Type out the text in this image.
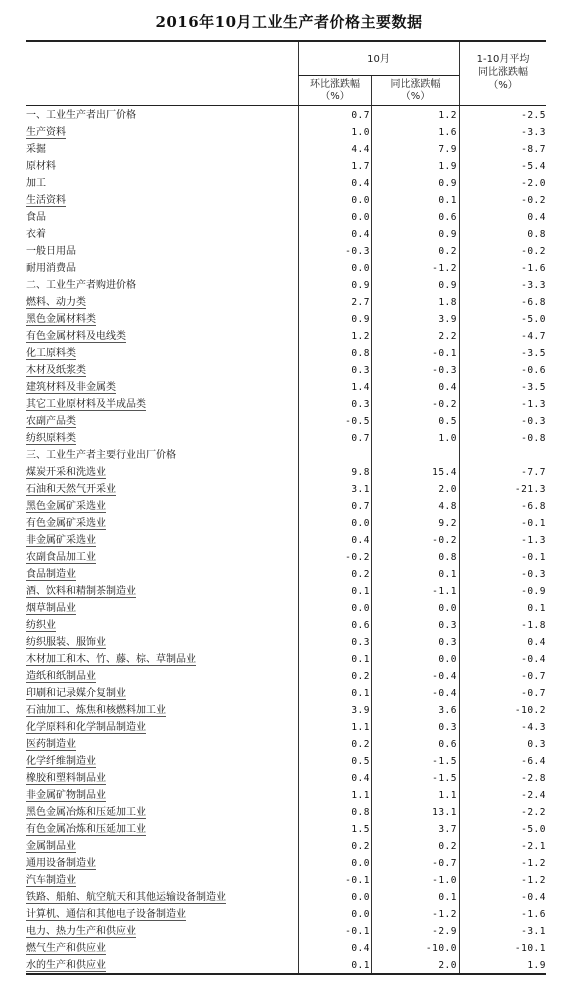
2016年10月工业生产者价格主要数据
10月
环比涨跌幅
（%）
同比涨跌幅
（%）
1-10月平均
同比涨跌幅
（%）
一、工业生产者出厂价格	0.7	1.2	-2.5
生产资料	1.0	1.6	-3.3
采掘	4.4	7.9	-8.7
原材料	1.7	1.9	-5.4
加工	0.4	0.9	-2.0
生活资料	0.0	0.1	-0.2
食品	0.0	0.6	0.4
衣着	0.4	0.9	0.8
一般日用品	-0.3	0.2	-0.2
耐用消费品	0.0	-1.2	-1.6
二、工业生产者购进价格	0.9	0.9	-3.3
燃料、动力类	2.7	1.8	-6.8
黑色金属材料类	0.9	3.9	-5.0
有色金属材料及电线类	1.2	2.2	-4.7
化工原料类	0.8	-0.1	-3.5
木材及纸浆类	0.3	-0.3	-0.6
建筑材料及非金属类	1.4	0.4	-3.5
其它工业原材料及半成品类	0.3	-0.2	-1.3
农副产品类	-0.5	0.5	-0.3
纺织原料类	0.7	1.0	-0.8
三、工业生产者主要行业出厂价格			
煤炭开采和洗选业	9.8	15.4	-7.7
石油和天然气开采业	3.1	2.0	-21.3
黑色金属矿采选业	0.7	4.8	-6.8
有色金属矿采选业	0.0	9.2	-0.1
非金属矿采选业	0.4	-0.2	-1.3
农副食品加工业	-0.2	0.8	-0.1
食品制造业	0.2	0.1	-0.3
酒、饮料和精制茶制造业	0.1	-1.1	-0.9
烟草制品业	0.0	0.0	0.1
纺织业	0.6	0.3	-1.8
纺织服装、服饰业	0.3	0.3	0.4
木材加工和木、竹、藤、棕、草制品业	0.1	0.0	-0.4
造纸和纸制品业	0.2	-0.4	-0.7
印刷和记录媒介复制业	0.1	-0.4	-0.7
石油加工、炼焦和核燃料加工业	3.9	3.6	-10.2
化学原料和化学制品制造业	1.1	0.3	-4.3
医药制造业	0.2	0.6	0.3
化学纤维制造业	0.5	-1.5	-6.4
橡胶和塑料制品业	0.4	-1.5	-2.8
非金属矿物制品业	1.1	1.1	-2.4
黑色金属冶炼和压延加工业	0.8	13.1	-2.2
有色金属冶炼和压延加工业	1.5	3.7	-5.0
金属制品业	0.2	0.2	-2.1
通用设备制造业	0.0	-0.7	-1.2
汽车制造业	-0.1	-1.0	-1.2
铁路、船舶、航空航天和其他运输设备制造业	0.0	0.1	-0.4
计算机、通信和其他电子设备制造业	0.0	-1.2	-1.6
电力、热力生产和供应业	-0.1	-2.9	-3.1
燃气生产和供应业	0.4	-10.0	-10.1
水的生产和供应业	0.1	2.0	1.9
